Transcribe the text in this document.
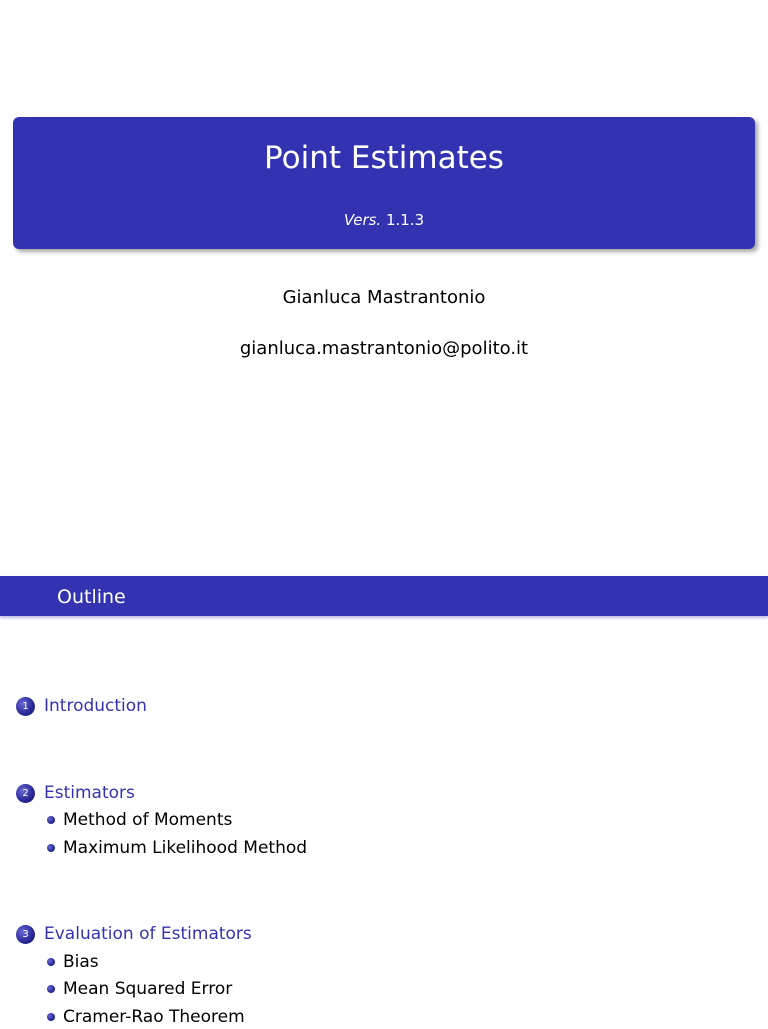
Point Estimates
Vers. 1.1.3
Gianluca Mastrantonio
gianluca.mastrantonio@polito.it
Outline
1 Introduction
2 Estimators
Method of Moments
Maximum Likelihood Method
3 Evaluation of Estimators
Bias
Mean Squared Error
Cramer-Rao Theorem
